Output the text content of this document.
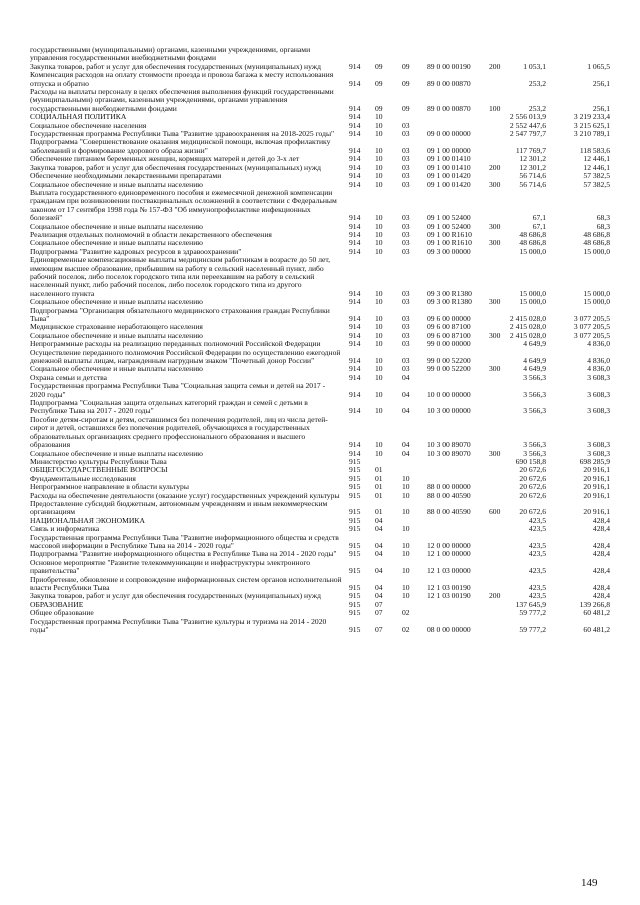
государственными (муниципальными) органами, казенными учреждениями, органами управления государственными внебюджетными фондами
Закупка товаров, работ и услуг для обеспечения государственных (муниципальных) нужд	914 09	09 89 0 00 00190 200	1 053,1	1 065,5
Компенсация расходов на оплату стоимости проезда и провоза багажа к месту использования отпуска и обратно	914 09	09 89 0 00 00870	253,2	256,1
Расходы на выплаты персоналу в целях обеспечения выполнения функций государственными (муниципальными) органами, казенными учреждениями, органами управления государственными внебюджетными фондами	914 09	09 89 0 00 00870 100	253,2	256,1
СОЦИАЛЬНАЯ ПОЛИТИКА	914 10	2 556 013,9	3 219 233,4
Социальное обеспечение населения	914 10	03	2 552 447,6	3 215 625,1
Государственная программа Республики Тыва "Развитие здравоохранения на 2018-2025 годы"	914 10	03 09 0 00 00000	2 547 797,7	3 210 789,1
Подпрограмма "Совершенствование оказания медицинской помощи, включая профилактику заболеваний и формирование здорового образа жизни"	914 10	03 09 1 00 00000	117 769,7	118 583,6
Обеспечение питанием беременных женщин, кормящих матерей и детей до 3-х лет	914 10	03 09 1 00 01410	12 301,2	12 446,1
Закупка товаров, работ и услуг для обеспечения государственных (муниципальных) нужд	914 10	03 09 1 00 01410 200	12 301,2	12 446,1
Обеспечение необходимыми лекарственными препаратами	914 10	03 09 1 00 01420	56 714,6	57 382,5
Социальное обеспечение и иные выплаты населению	914 10	03 09 1 00 01420 300	56 714,6	57 382,5
Выплата государственного единовременного пособия и ежемесячной денежной компенсации гражданам при возникновении поствакцинальных осложнений в соответствии с Федеральным законом от 17 сентября 1998 года № 157-ФЗ "Об иммунопрофилактике инфекционных болезней"	914 10	03 09 1 00 52400	67,1	68,3
Социальное обеспечение и иные выплаты населению	914 10	03 09 1 00 52400 300	67,1	68,3
Реализация отдельных полномочий в области лекарственного обеспечения	914 10	03 09 1 00 R1610	48 686,8	48 686,8
Социальное обеспечение и иные выплаты населению	914 10	03 09 1 00 R1610 300	48 686,8	48 686,8
Подпрограмма "Развитие кадровых ресурсов в здравоохранении"	914 10	03 09 3 00 00000	15 000,0	15 000,0
Единовременные компенсационные выплаты медицинским работникам в возрасте до 50 лет, имеющим высшее образование, прибывшим на работу в сельский населенный пункт, либо рабочий поселок, либо поселок городского типа или переехавшим на работу в сельский населенный пункт, либо рабочий поселок, либо поселок городского типа из другого населенного пункта	914 10	03 09 3 00 R1380	15 000,0	15 000,0
Социальное обеспечение и иные выплаты населению	914 10	03 09 3 00 R1380 300	15 000,0	15 000,0
Подпрограмма "Организация обязательного медицинского страхования граждан Республики Тыва"	914 10	03 09 6 00 00000	2 415 028,0	3 077 205,5
Медицинское страхование неработающего населения	914 10	03 09 6 00 87100	2 415 028,0	3 077 205,5
Социальное обеспечение и иные выплаты населению	914 10	03 09 6 00 87100 300 2 415 028,0	3 077 205,5
Непрограммные расходы на реализацию переданных полномочий Российской Федерации	914 10	03 99 0 00 00000	4 649,9	4 836,0
Осуществление переданного полномочия Российской Федерации по осуществлению ежегодной денежной выплаты лицам, награжденным нагрудным знаком "Почетный донор России"	914 10	03 99 0 00 52200	4 649,9	4 836,0
Социальное обеспечение и иные выплаты населению	914 10	03 99 0 00 52200 300	4 649,9	4 836,0
Охрана семьи и детства	914 10	04	3 566,3	3 608,3
Государственная программа Республики Тыва "Социальная защита семьи и детей на 2017 - 2020 годы"	914 10	04 10 0 00 00000	3 566,3	3 608,3
Подпрограмма "Социальная защита отдельных категорий граждан и семей с детьми в Республике Тыва на 2017 - 2020 годы"	914 10	04 10 3 00 00000	3 566,3	3 608,3
Пособие детям-сиротам и детям, оставшимся без попечения родителей, лиц из числа детей-сирот и детей, оставшихся без попечения родителей, обучающихся в государственных образовательных организациях среднего профессионального образования и высшего образования	914 10	04 10 3 00 89070	3 566,3	3 608,3
Социальное обеспечение и иные выплаты населению	914 10	04 10 3 00 89070 300	3 566,3	3 608,3
Министерство культуры Республики Тыва	915	690 158,8	698 285,9
ОБЩЕГОСУДАРСТВЕННЫЕ ВОПРОСЫ	915 01	20 672,6	20 916,1
Фундаментальные исследования	915 01	10	20 672,6	20 916,1
Непрограммное направление в области культуры	915 01	10 88 0 00 00000	20 672,6	20 916,1
Расходы на обеспечение деятельности (оказание услуг) государственных учреждений культуры	915 01	10 88 0 00 40590	20 672,6	20 916,1
Предоставление субсидий бюджетным, автономным учреждениям и иным некоммерческим организациям	915 01	10 88 0 00 40590 600	20 672,6	20 916,1
НАЦИОНАЛЬНАЯ ЭКОНОМИКА	915 04	423,5	428,4
Связь и информатика	915 04	10	423,5	428,4
Государственная программа Республики Тыва "Развитие информационного общества и средств массовой информации в Республике Тыва на 2014 - 2020 годы"	915 04	10 12 0 00 00000	423,5	428,4
Подпрограмма "Развитие информационного общества в Республике Тыва на 2014 - 2020 годы"	915 04	10 12 1 00 00000	423,5	428,4
Основное мероприятие "Развитие телекоммуникации и инфраструктуры электронного правительства"	915 04	10 12 1 03 00000	423,5	428,4
Приобретение, обновление и сопровождение информационных систем органов исполнительной власти Республики Тыва	915 04	10 12 1 03 00190	423,5	428,4
Закупка товаров, работ и услуг для обеспечения государственных (муниципальных) нужд	915 04	10 12 1 03 00190 200	423,5	428,4
ОБРАЗОВАНИЕ	915 07	137 645,9	139 266,8
Общее образование	915 07	02	59 777,2	60 481,2
Государственная программа Республики Тыва "Развитие культуры и туризма на 2014 - 2020 годы"	915 07	02 08 0 00 00000	59 777,2	60 481,2
149
